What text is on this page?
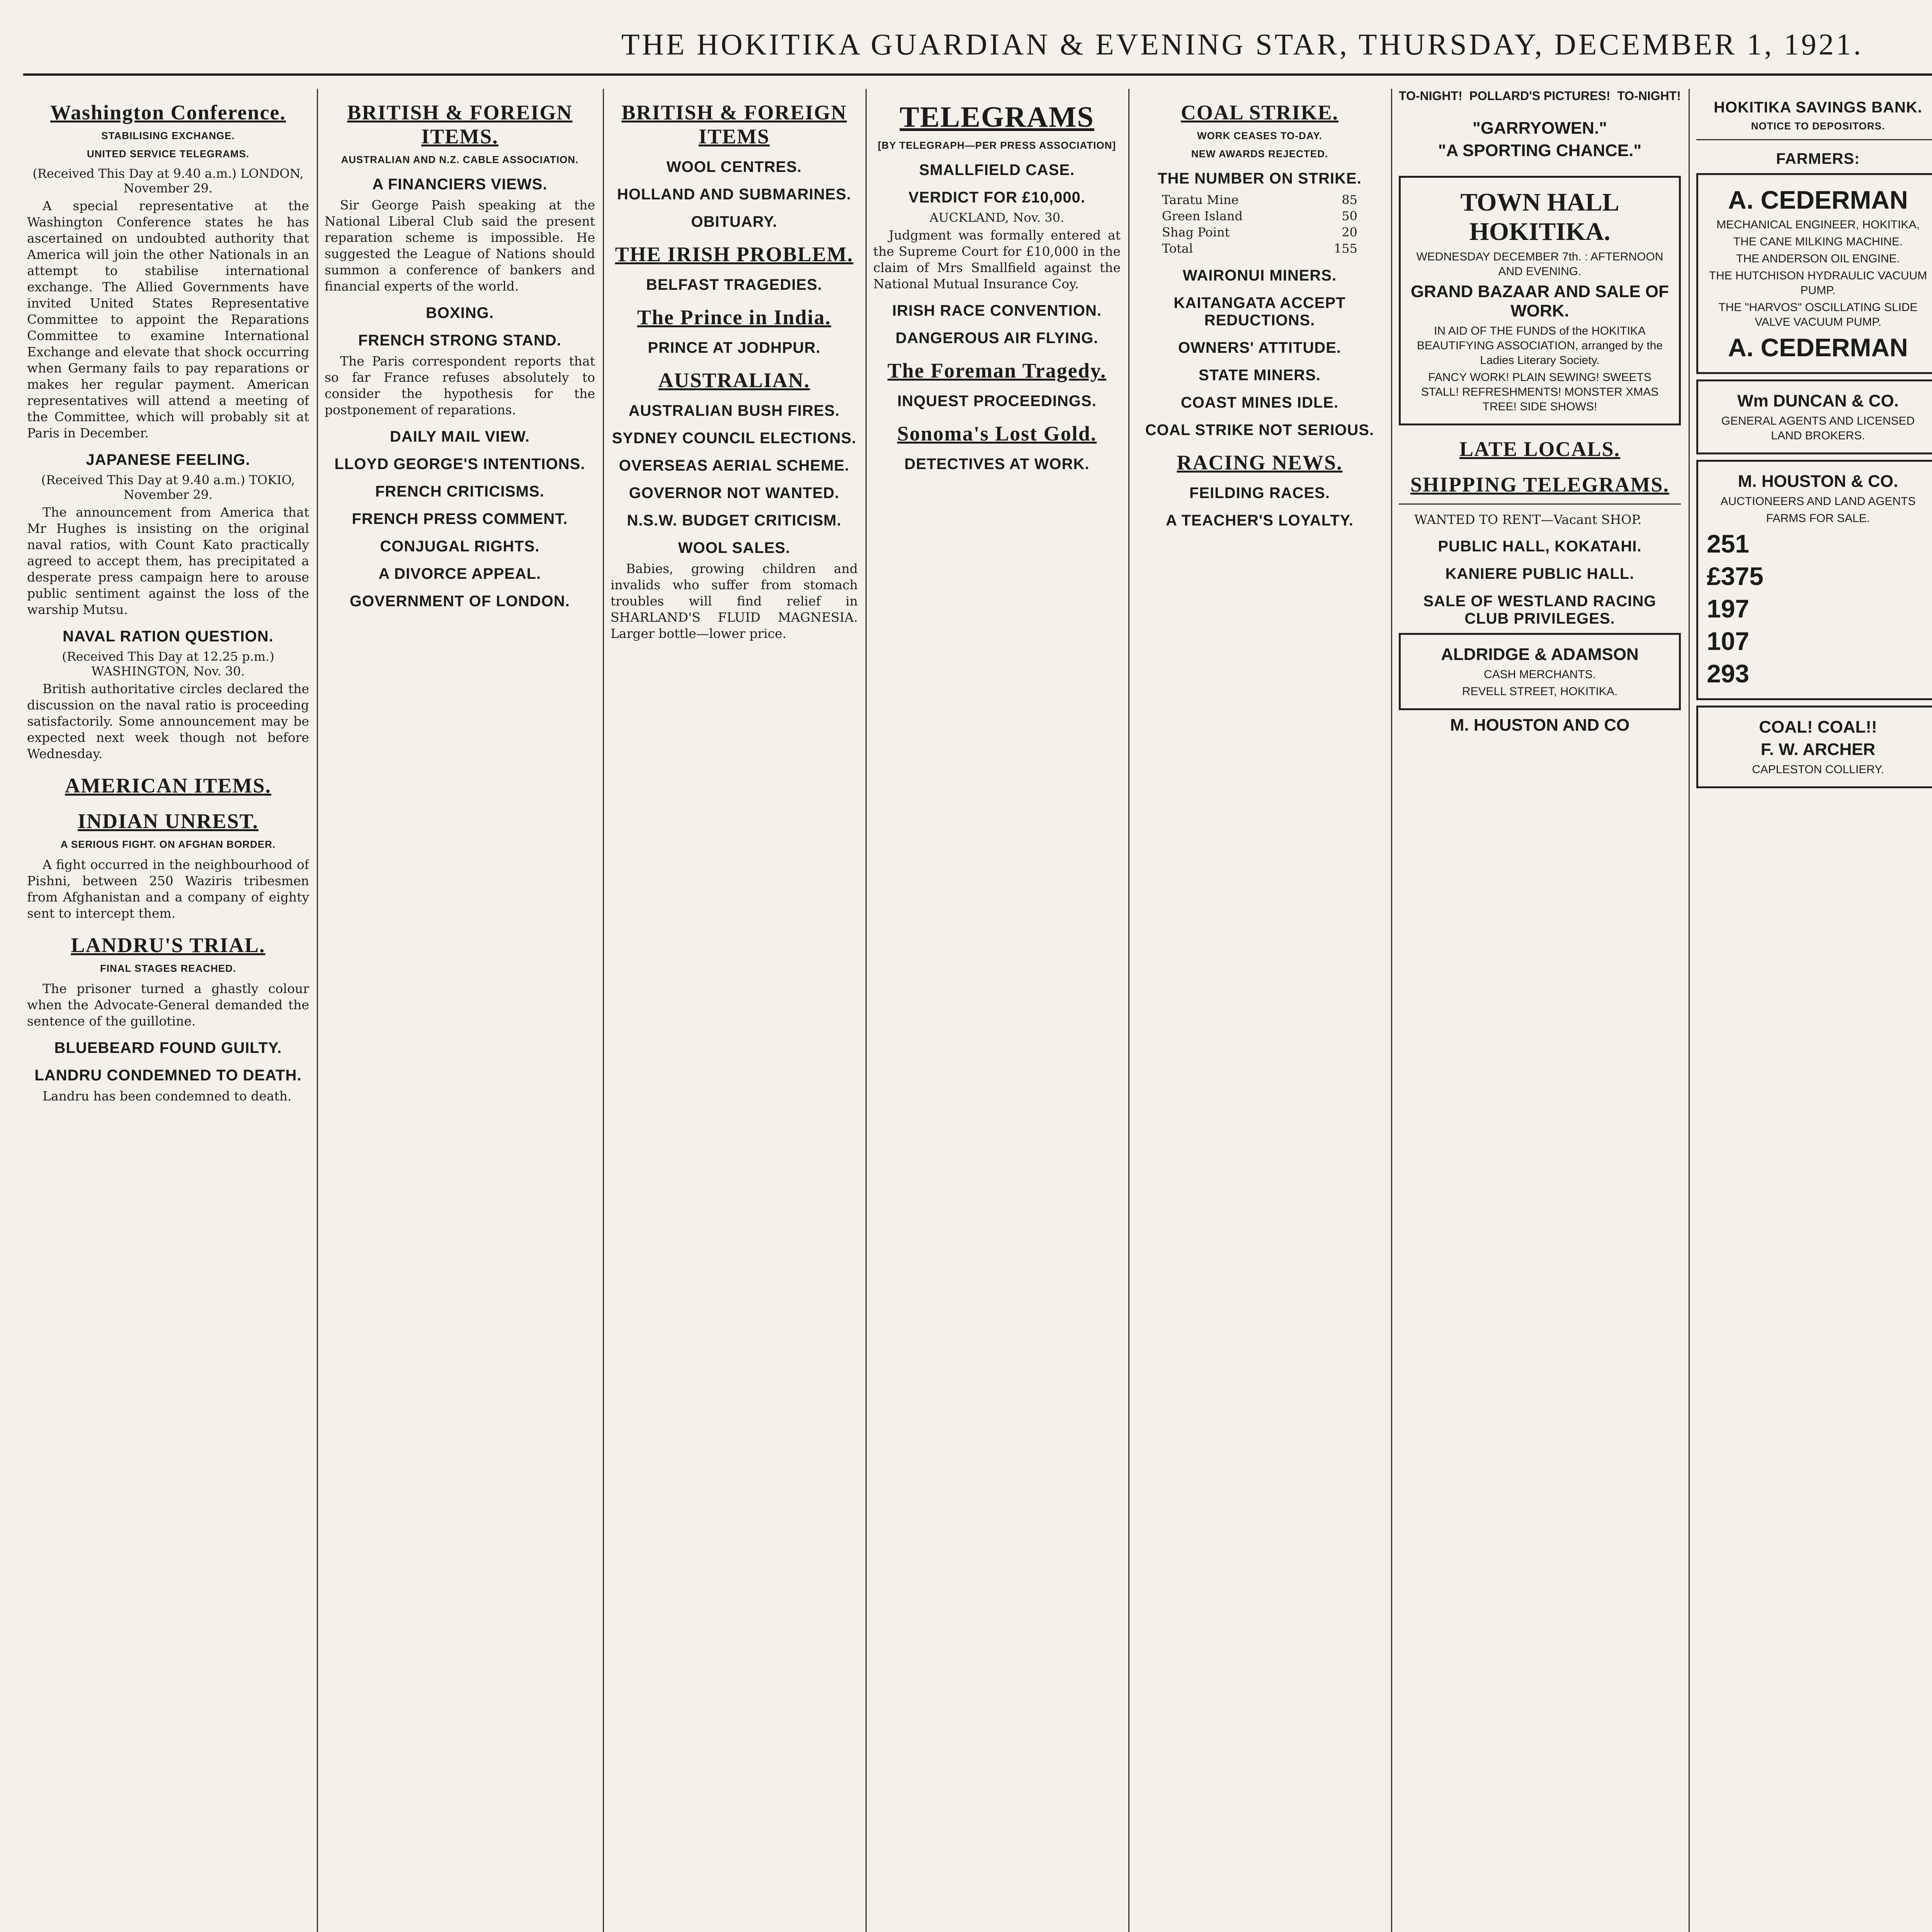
THE HOKITIKA GUARDIAN & EVENING STAR, THURSDAY, DECEMBER 1, 1921.
Washington Conference.
STABILISING EXCHANGE.
UNITED SERVICE TELEGRAMS.
(Received This Day at 9.40 a.m.) LONDON, November 29.

A special representative at the Washington Conference states he has ascertained on undoubted authority that America will join the other Nationals in an attempt to stabilise international exchange. The Allied Governments have invited United States Representative Committee to appoint the Reparations Committee to examine International Exchange and elevate that shock occurring when Germany fails to pay reparations or makes her regular payment. American representatives will attend a meeting of the Committee, which will probably sit at Paris in December.

JAPANESE FEELING.
(Received This Day at 9.40 a.m.) TOKIO, November 29.

The announcement from America that Mr Hughes is insisting on the original naval ratios, with Count Kato practically agreed to accept them, has precipitated a desperate press campaign here to arouse public sentiment against the loss of the warship Mutsu.

NAVAL RATION QUESTION.
(Received This Day at 12.25 p.m.) WASHINGTON, Nov. 30.

British authoritative circles declared the discussion on the naval ratio is proceeding satisfactorily. Some announcement may be expected next week though not before Wednesday.

AMERICAN ITEMS.
INDIAN UNREST.
A SERIOUS FIGHT. ON AFGHAN BORDER.

A fight occurred in the neighbourhood of Pishni, between 250 Waziris tribesmen from Afghanistan and a company of eighty sent to intercept them.

LANDRU'S TRIAL.
FINAL STAGES REACHED.

The prisoner turned a ghastly colour when the Advocate-General demanded the sentence of the guillotine.

BLUEBEARD FOUND GUILTY.
LANDRU CONDEMNED TO DEATH.

Landru has been condemned to death.

BRITISH & FOREIGN ITEMS.
AUSTRALIAN AND N.Z. CABLE ASSOCIATION.
A FINANCIERS VIEWS.

Sir George Paish speaking at the National Liberal Club said the present reparation scheme is impossible. He suggested the League of Nations should summon a conference of bankers and financial experts of the world.

BOXING.
FRENCH STRONG STAND.

The Paris correspondent reports that so far France refuses absolutely to consider the hypothesis for the postponement of reparations.

DAILY MAIL VIEW.
LLOYD GEORGE'S INTENTIONS.
FRENCH CRITICISMS.
FRENCH PRESS COMMENT.
CONJUGAL RIGHTS.
A DIVORCE APPEAL.
GOVERNMENT OF LONDON.
BRITISH & FOREIGN ITEMS
WOOL CENTRES.
HOLLAND AND SUBMARINES.
OBITUARY.
THE IRISH PROBLEM.
BELFAST TRAGEDIES.
The Prince in India.
PRINCE AT JODHPUR.
AUSTRALIAN.
AUSTRALIAN BUSH FIRES.
SYDNEY COUNCIL ELECTIONS.
OVERSEAS AERIAL SCHEME.
GOVERNOR NOT WANTED.
N.S.W. BUDGET CRITICISM.
WOOL SALES.

Babies, growing children and invalids who suffer from stomach troubles will find relief in SHARLAND'S FLUID MAGNESIA. Larger bottle—lower price.

TELEGRAMS
[BY TELEGRAPH—PER PRESS ASSOCIATION]
SMALLFIELD CASE.
VERDICT FOR £10,000.
AUCKLAND, Nov. 30.

Judgment was formally entered at the Supreme Court for £10,000 in the claim of Mrs Smallfield against the National Mutual Insurance Coy.

IRISH RACE CONVENTION.
DANGEROUS AIR FLYING.
The Foreman Tragedy.
INQUEST PROCEEDINGS.
Sonoma's Lost Gold.
DETECTIVES AT WORK.
COAL STRIKE.
WORK CEASES TO-DAY.
NEW AWARDS REJECTED.
THE NUMBER ON STRIKE.
Taratu Mine	85
Green Island	50
Shag Point	20
Total	155
WAIRONUI MINERS.
KAITANGATA ACCEPT REDUCTIONS.
OWNERS' ATTITUDE.
STATE MINERS.
COAST MINES IDLE.
COAL STRIKE NOT SERIOUS.
RACING NEWS.
FEILDING RACES.
A TEACHER'S LOYALTY.
TO-NIGHT! POLLARD'S PICTURES! TO-NIGHT!
"GARRYOWEN."
"A SPORTING CHANCE."
TOWN HALL HOKITIKA.
WEDNESDAY DECEMBER 7th. : AFTERNOON AND EVENING.
GRAND BAZAAR AND SALE OF WORK.
IN AID OF THE FUNDS of the HOKITIKA BEAUTIFYING ASSOCIATION, arranged by the Ladies Literary Society.
FANCY WORK! PLAIN SEWING! SWEETS STALL! REFRESHMENTS! MONSTER XMAS TREE! SIDE SHOWS!
LATE LOCALS.
SHIPPING TELEGRAMS.

WANTED TO RENT—Vacant SHOP.

PUBLIC HALL, KOKATAHI.
KANIERE PUBLIC HALL.
SALE OF WESTLAND RACING CLUB PRIVILEGES.
ALDRIDGE & ADAMSON
CASH MERCHANTS.
REVELL STREET, HOKITIKA.
M. HOUSTON AND CO
HOKITIKA SAVINGS BANK.
NOTICE TO DEPOSITORS.
FARMERS:
A. CEDERMAN
MECHANICAL ENGINEER, HOKITIKA,
THE CANE MILKING MACHINE.
THE ANDERSON OIL ENGINE.
THE HUTCHISON HYDRAULIC VACUUM PUMP.
THE "HARVOS" OSCILLATING SLIDE VALVE VACUUM PUMP.
A. CEDERMAN
Wm DUNCAN & CO.
GENERAL AGENTS AND LICENSED LAND BROKERS.
M. HOUSTON & CO.
AUCTIONEERS AND LAND AGENTS
FARMS FOR SALE.
251
£375
197
107
293
COAL! COAL!!
F. W. ARCHER
CAPLESTON COLLIERY.
